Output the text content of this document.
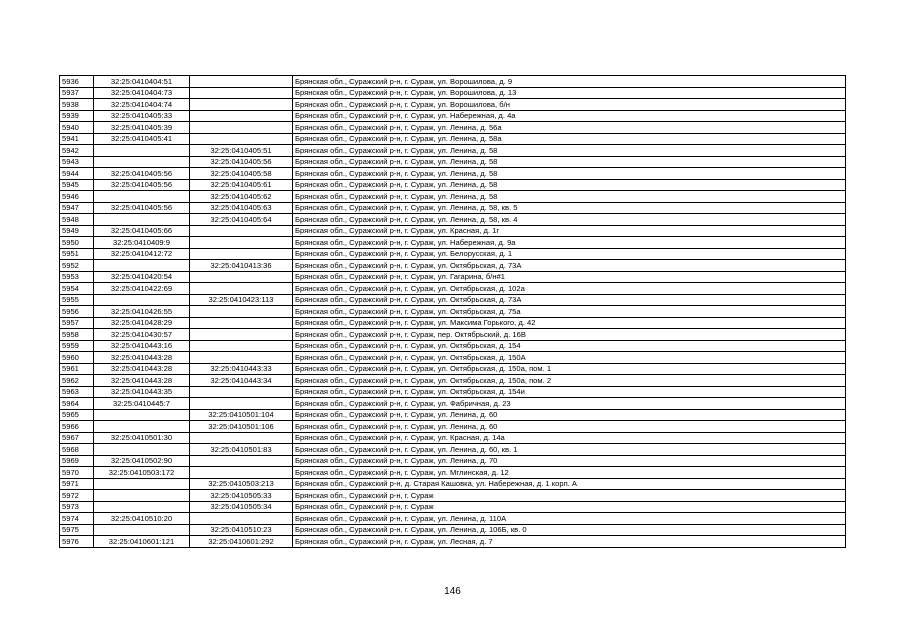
5936	32:25:0410404:51		Брянская обл., Суражский р-н, г. Сураж, ул. Ворошилова, д. 9
5937	32:25:0410404:73		Брянская обл., Суражский р-н, г. Сураж, ул. Ворошилова, д. 13
5938	32:25:0410404:74		Брянская обл., Суражский р-н, г. Сураж, ул. Ворошилова, б/н
5939	32:25:0410405:33		Брянская обл., Суражский р-н, г. Сураж, ул. Набережная, д. 4а
5940	32:25:0410405:39		Брянская обл., Суражский р-н, г. Сураж, ул. Ленина, д. 56а
5941	32:25:0410405:41		Брянская обл., Суражский р-н, г. Сураж, ул. Ленина, д. 58а
5942		32:25:0410405:51	Брянская обл., Суражский р-н, г. Сураж, ул. Ленина, д. 58
5943		32:25:0410405:56	Брянская обл., Суражский р-н, г. Сураж, ул. Ленина, д. 58
5944	32:25:0410405:56	32:25:0410405:58	Брянская обл., Суражский р-н, г. Сураж, ул. Ленина, д. 58
5945	32:25:0410405:56	32:25:0410405:61	Брянская обл., Суражский р-н, г. Сураж, ул. Ленина, д. 58
5946		32:25:0410405:62	Брянская обл., Суражский р-н, г. Сураж, ул. Ленина, д. 58
5947	32:25:0410405:56	32:25:0410405:63	Брянская обл., Суражский р-н, г. Сураж, ул. Ленина, д. 58, кв. 5
5948		32:25:0410405:64	Брянская обл., Суражский р-н, г. Сураж, ул. Ленина, д. 58, кв. 4
5949	32:25:0410405:66		Брянская обл., Суражский р-н, г. Сураж, ул. Красная, д. 1г
5950	32:25:0410409:9		Брянская обл., Суражский р-н, г. Сураж, ул. Набережная, д. 9а
5951	32:25:0410412:72		Брянская обл., Суражский р-н, г. Сураж, ул. Белорусская, д. 1
5952		32:25:0410413:36	Брянская обл., Суражский р-н, г. Сураж, ул. Октябрьская, д. 73А
5953	32:25:0410420:54		Брянская обл., Суражский р-н, г. Сураж, ул. Гагарина, б/н#1
5954	32:25:0410422:69		Брянская обл., Суражский р-н, г. Сураж, ул. Октябрьская, д. 102а
5955		32:25:0410423:113	Брянская обл., Суражский р-н, г. Сураж, ул. Октябрьская, д. 73А
5956	32:25:0410426:55		Брянская обл., Суражский р-н, г. Сураж, ул. Октябрьская, д. 75а
5957	32:25:0410428:29		Брянская обл., Суражский р-н, г. Сураж, ул. Максима Горького, д. 42
5958	32:25:0410430:57		Брянская обл., Суражский р-н, г. Сураж, пер. Октябрьский, д. 16В
5959	32:25:0410443:16		Брянская обл., Суражский р-н, г. Сураж, ул. Октябрьская, д. 154
5960	32:25:0410443:28		Брянская обл., Суражский р-н, г. Сураж, ул. Октябрьская, д. 150А
5961	32:25:0410443:28	32:25:0410443:33	Брянская обл., Суражский р-н, г. Сураж, ул. Октябрьская, д. 150а, пом. 1
5962	32:25:0410443:28	32:25:0410443:34	Брянская обл., Суражский р-н, г. Сураж, ул. Октябрьская, д. 150а, пом. 2
5963	32:25:0410443:35		Брянская обл., Суражский р-н, г. Сураж, ул. Октябрьская, д. 154и
5964	32:25:0410445:7		Брянская обл., Суражский р-н, г. Сураж, ул. Фабричная, д. 23
5965		32:25:0410501:104	Брянская обл., Суражский р-н, г. Сураж, ул. Ленина, д. 60
5966		32:25:0410501:106	Брянская обл., Суражский р-н, г. Сураж, ул. Ленина, д. 60
5967	32:25:0410501:30		Брянская обл., Суражский р-н, г. Сураж, ул. Красная, д. 14а
5968		32:25:0410501:83	Брянская обл., Суражский р-н, г. Сураж, ул. Ленина, д. 60, кв. 1
5969	32:25:0410502:90		Брянская обл., Суражский р-н, г. Сураж, ул. Ленина, д. 70
5970	32:25:0410503:172		Брянская обл., Суражский р-н, г. Сураж, ул. Мглинская, д. 12
5971		32:25:0410503:213	Брянская обл., Суражский р-н, д. Старая Кашовка, ул. Набережная, д. 1 корп. А
5972		32:25:0410505:33	Брянская обл., Суражский р-н, г. Сураж
5973		32:25:0410505:34	Брянская обл., Суражский р-н, г. Сураж
5974	32:25:0410510:20		Брянская обл., Суражский р-н, г. Сураж, ул. Ленина, д. 110А
5975		32:25:0410510:23	Брянская обл., Суражский р-н, г. Сураж, ул. Ленина, д. 106Б, кв. 0
5976	32:25:0410601:121	32:25:0410601:292	Брянская обл., Суражский р-н, г. Сураж, ул. Лесная, д. 7
146
